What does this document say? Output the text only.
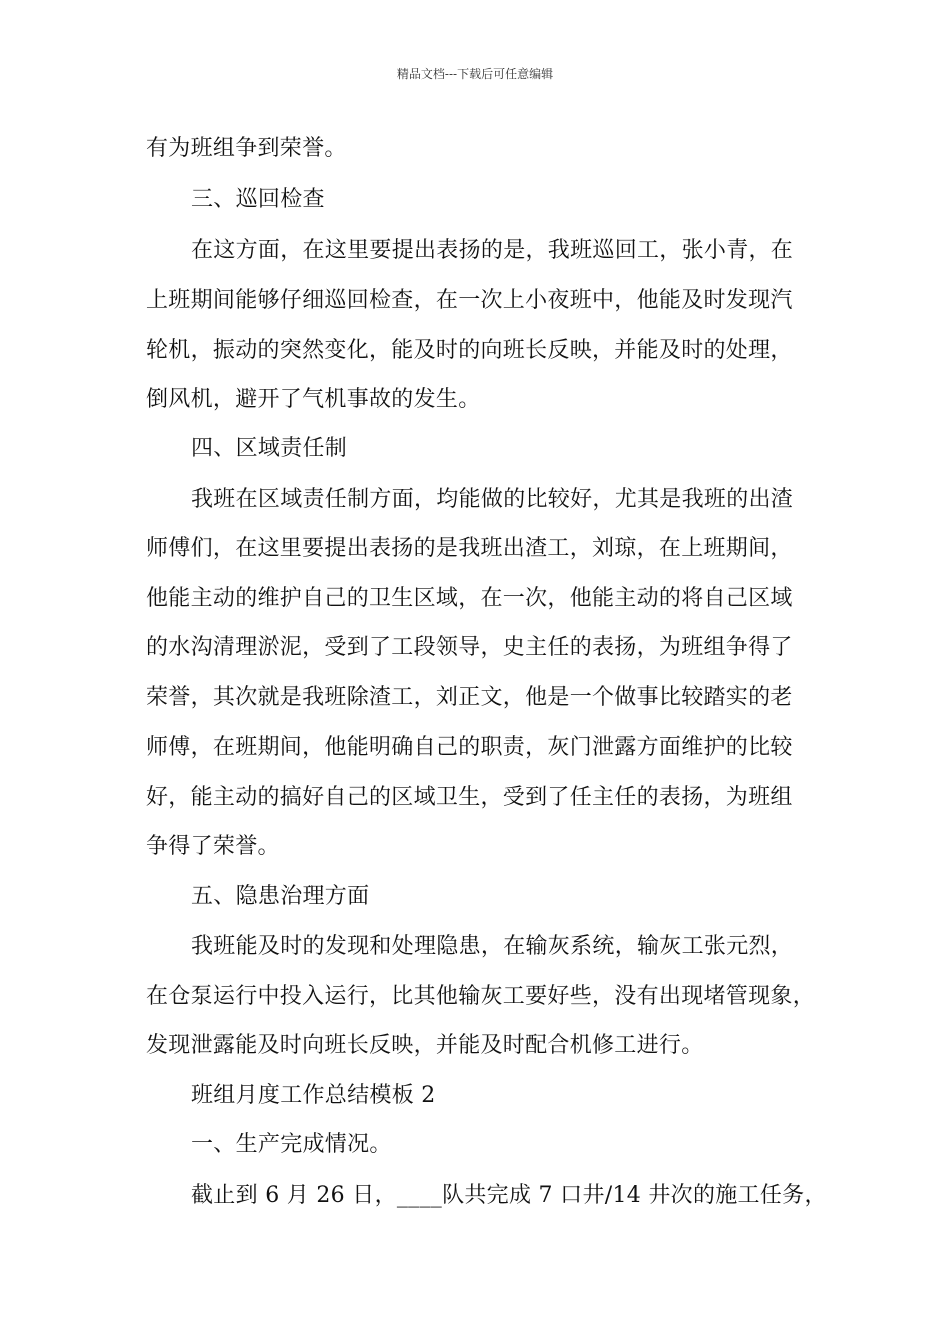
精品文档---下载后可任意编辑
有为班组争到荣誉。
三、巡回检查
在这方面，在这里要提出表扬的是，我班巡回工，张小青，在
上班期间能够仔细巡回检查，在一次上小夜班中，他能及时发现汽
轮机，振动的突然变化，能及时的向班长反映，并能及时的处理，
倒风机，避开了气机事故的发生。
四、区域责任制
我班在区域责任制方面，均能做的比较好，尤其是我班的出渣
师傅们，在这里要提出表扬的是我班出渣工，刘琼，在上班期间，
他能主动的维护自己的卫生区域，在一次，他能主动的将自己区域
的水沟清理淤泥，受到了工段领导，史主任的表扬，为班组争得了
荣誉，其次就是我班除渣工，刘正文，他是一个做事比较踏实的老
师傅，在班期间，他能明确自己的职责，灰门泄露方面维护的比较
好，能主动的搞好自己的区域卫生，受到了任主任的表扬，为班组
争得了荣誉。
五、隐患治理方面
我班能及时的发现和处理隐患，在输灰系统，输灰工张元烈，
在仓泵运行中投入运行，比其他输灰工要好些，没有出现堵管现象，
发现泄露能及时向班长反映，并能及时配合机修工进行。
班组月度工作总结模板 2
一、生产完成情况。
截止到 6 月 26 日，____队共完成 7 口井/14 井次的施工任务，
